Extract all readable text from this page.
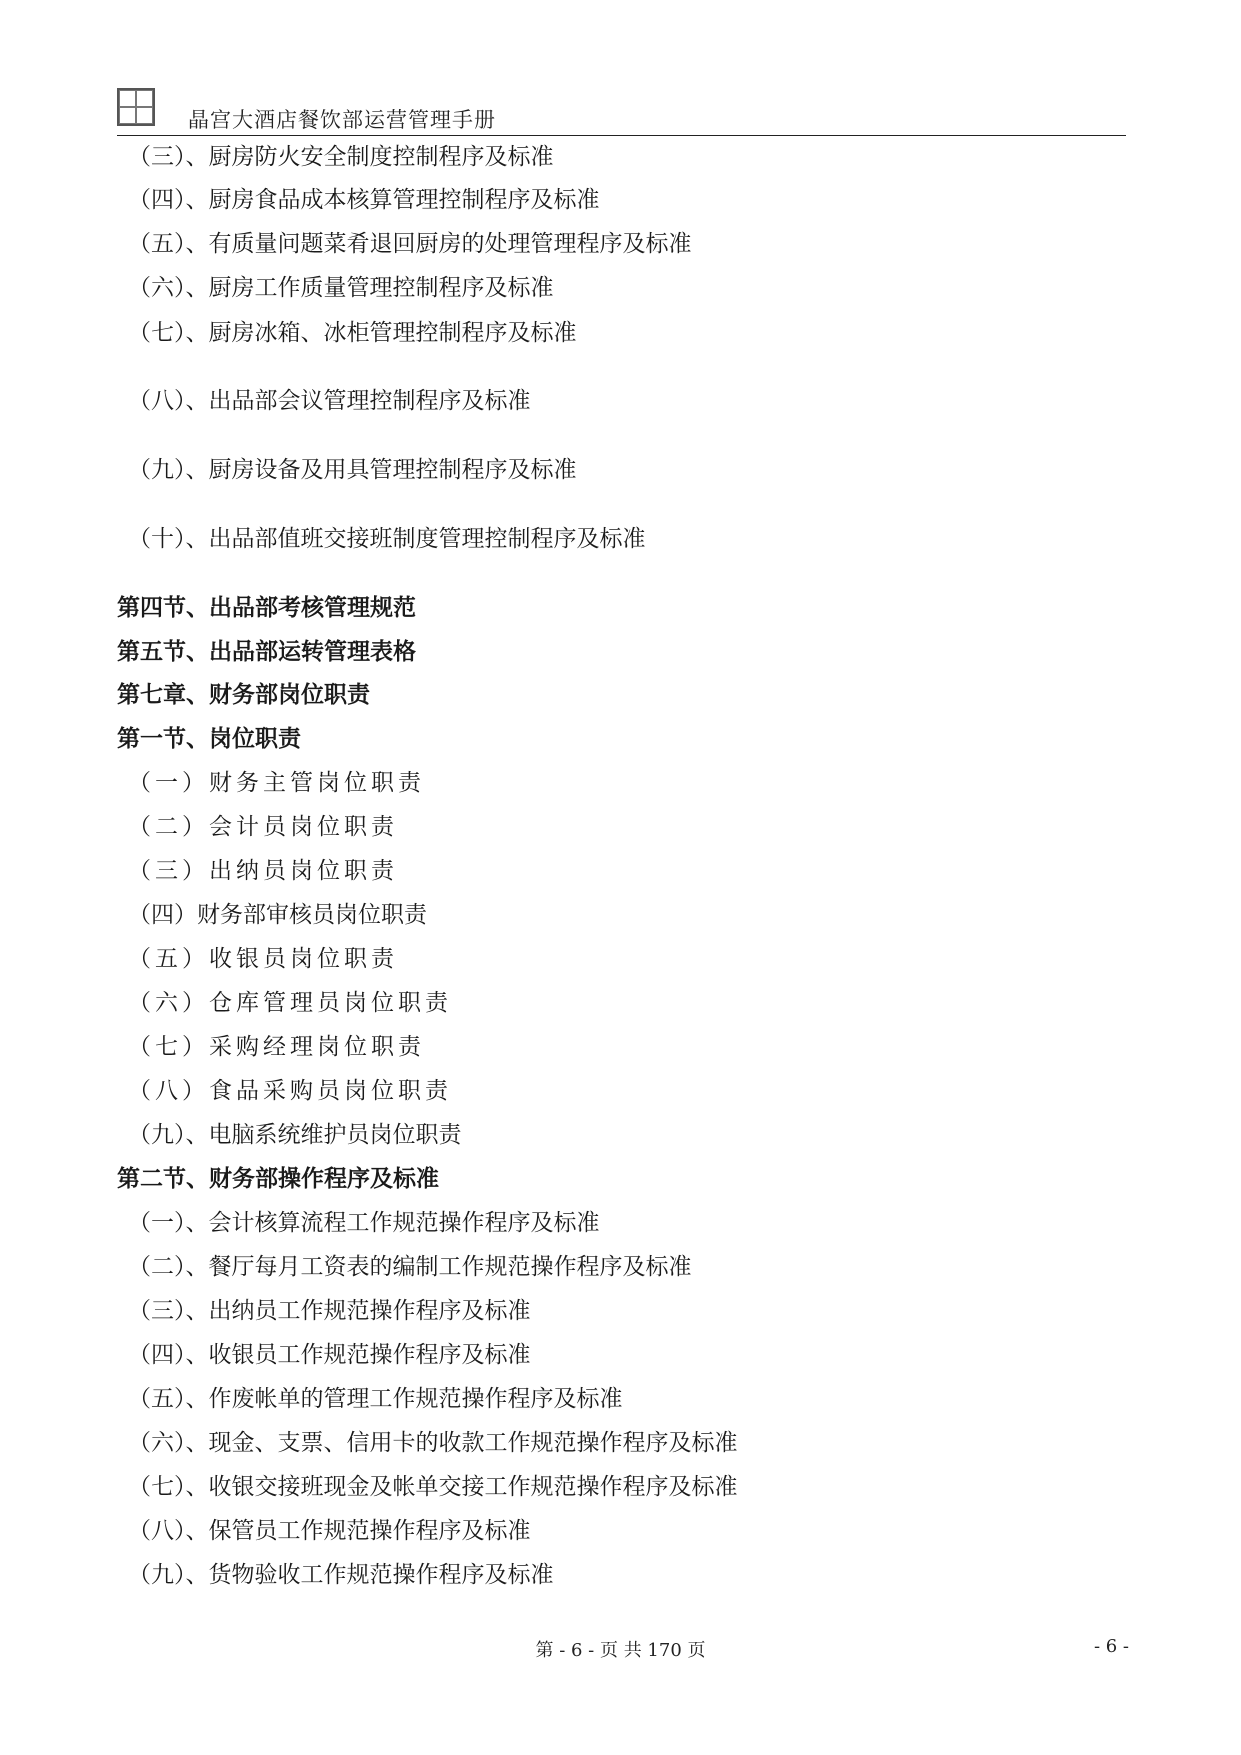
晶宫大酒店餐饮部运营管理手册
（三）、厨房防火安全制度控制程序及标准
（四）、厨房食品成本核算管理控制程序及标准
（五）、有质量问题菜肴退回厨房的处理管理程序及标准
（六）、厨房工作质量管理控制程序及标准
（七）、厨房冰箱、冰柜管理控制程序及标准
（八）、出品部会议管理控制程序及标准
（九）、厨房设备及用具管理控制程序及标准
（十）、出品部值班交接班制度管理控制程序及标准
第四节、出品部考核管理规范
第五节、出品部运转管理表格
第七章、财务部岗位职责
第一节、岗位职责
（一）财务主管岗位职责
（二）会计员岗位职责
（三）出纳员岗位职责
（四）财务部审核员岗位职责
（五）收银员岗位职责
（六）仓库管理员岗位职责
（七）采购经理岗位职责
（八）食品采购员岗位职责
（九）、电脑系统维护员岗位职责
第二节、财务部操作程序及标准
（一）、会计核算流程工作规范操作程序及标准
（二）、餐厅每月工资表的编制工作规范操作程序及标准
（三）、出纳员工作规范操作程序及标准
（四）、收银员工作规范操作程序及标准
（五）、作废帐单的管理工作规范操作程序及标准
（六）、现金、支票、信用卡的收款工作规范操作程序及标准
（七）、收银交接班现金及帐单交接工作规范操作程序及标准
（八）、保管员工作规范操作程序及标准
（九）、货物验收工作规范操作程序及标准
第 - 6 - 页 共 170 页	- 6 -
